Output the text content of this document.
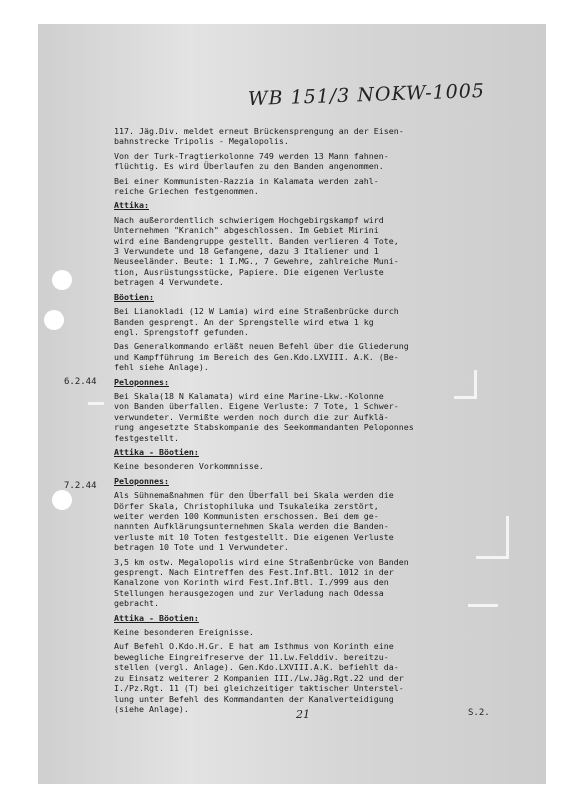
WB 151/3 NOKW-1005
6.2.44
7.2.44
117. Jäg.Div. meldet erneut Brückensprengung an der Eisen-
bahnstrecke Tripolis - Megalopolis.
Von der Turk-Tragtierkolonne 749 werden 13 Mann fahnen-
flüchtig. Es wird Überlaufen zu den Banden angenommen.
Bei einer Kommunisten-Razzia in Kalamata werden zahl-
reiche Griechen festgenommen.
Attika:
Nach außerordentlich schwierigem Hochgebirgskampf wird
Unternehmen "Kranich" abgeschlossen. Im Gebiet Mirini
wird eine Bandengruppe gestellt. Banden verlieren 4 Tote,
3 Verwundete und 18 Gefangene, dazu 3 Italiener und 1
Neuseeländer. Beute: 1 I.MG., 7 Gewehre, zahlreiche Muni-
tion, Ausrüstungsstücke, Papiere. Die eigenen Verluste
betragen 4 Verwundete.
Böotien:
Bei Lianokladi (12 W Lamia) wird eine Straßenbrücke durch
Banden gesprengt. An der Sprengstelle wird etwa 1 kg
engl. Sprengstoff gefunden.
Das Generalkommando erläßt neuen Befehl über die Gliederung
und Kampfführung im Bereich des Gen.Kdo.LXVIII. A.K. (Be-
fehl siehe Anlage).
Peloponnes:
Bei Skala(18 N Kalamata) wird eine Marine-Lkw.-Kolonne
von Banden überfallen. Eigene Verluste: 7 Tote, 1 Schwer-
verwundeter. Vermißte werden noch durch die zur Aufklä-
rung angesetzte Stabskompanie des Seekommandanten Peloponnes
festgestellt.
Attika - Böotien:
Keine besonderen Vorkommnisse.
Peloponnes:
Als Sühnemaßnahmen für den Überfall bei Skala werden die
Dörfer Skala, Christophiluka und Tsukaleika zerstört,
weiter werden 100 Kommunisten erschossen. Bei dem ge-
nannten Aufklärungsunternehmen Skala werden die Banden-
verluste mit 10 Toten festgestellt. Die eigenen Verluste
betragen 10 Tote und 1 Verwundeter.
3,5 km ostw. Megalopolis wird eine Straßenbrücke von Banden
gesprengt. Nach Eintreffen des Fest.Inf.Btl. 1012 in der
Kanalzone von Korinth wird Fest.Inf.Btl. I./999 aus den
Stellungen herausgezogen und zur Verladung nach Odessa
gebracht.
Attika - Böotien:
Keine besonderen Ereignisse.
Auf Befehl O.Kdo.H.Gr. E hat am Isthmus von Korinth eine
bewegliche Eingreifreserve der 11.Lw.Felddiv. bereitzu-
stellen (vergl. Anlage). Gen.Kdo.LXVIII.A.K. befiehlt da-
zu Einsatz weiterer 2 Kompanien III./Lw.Jäg.Rgt.22 und der
I./Pz.Rgt. 11 (T) bei gleichzeitiger taktischer Unterstel-
lung unter Befehl des Kommandanten der Kanalverteidigung
(siehe Anlage).	21	S.2.
